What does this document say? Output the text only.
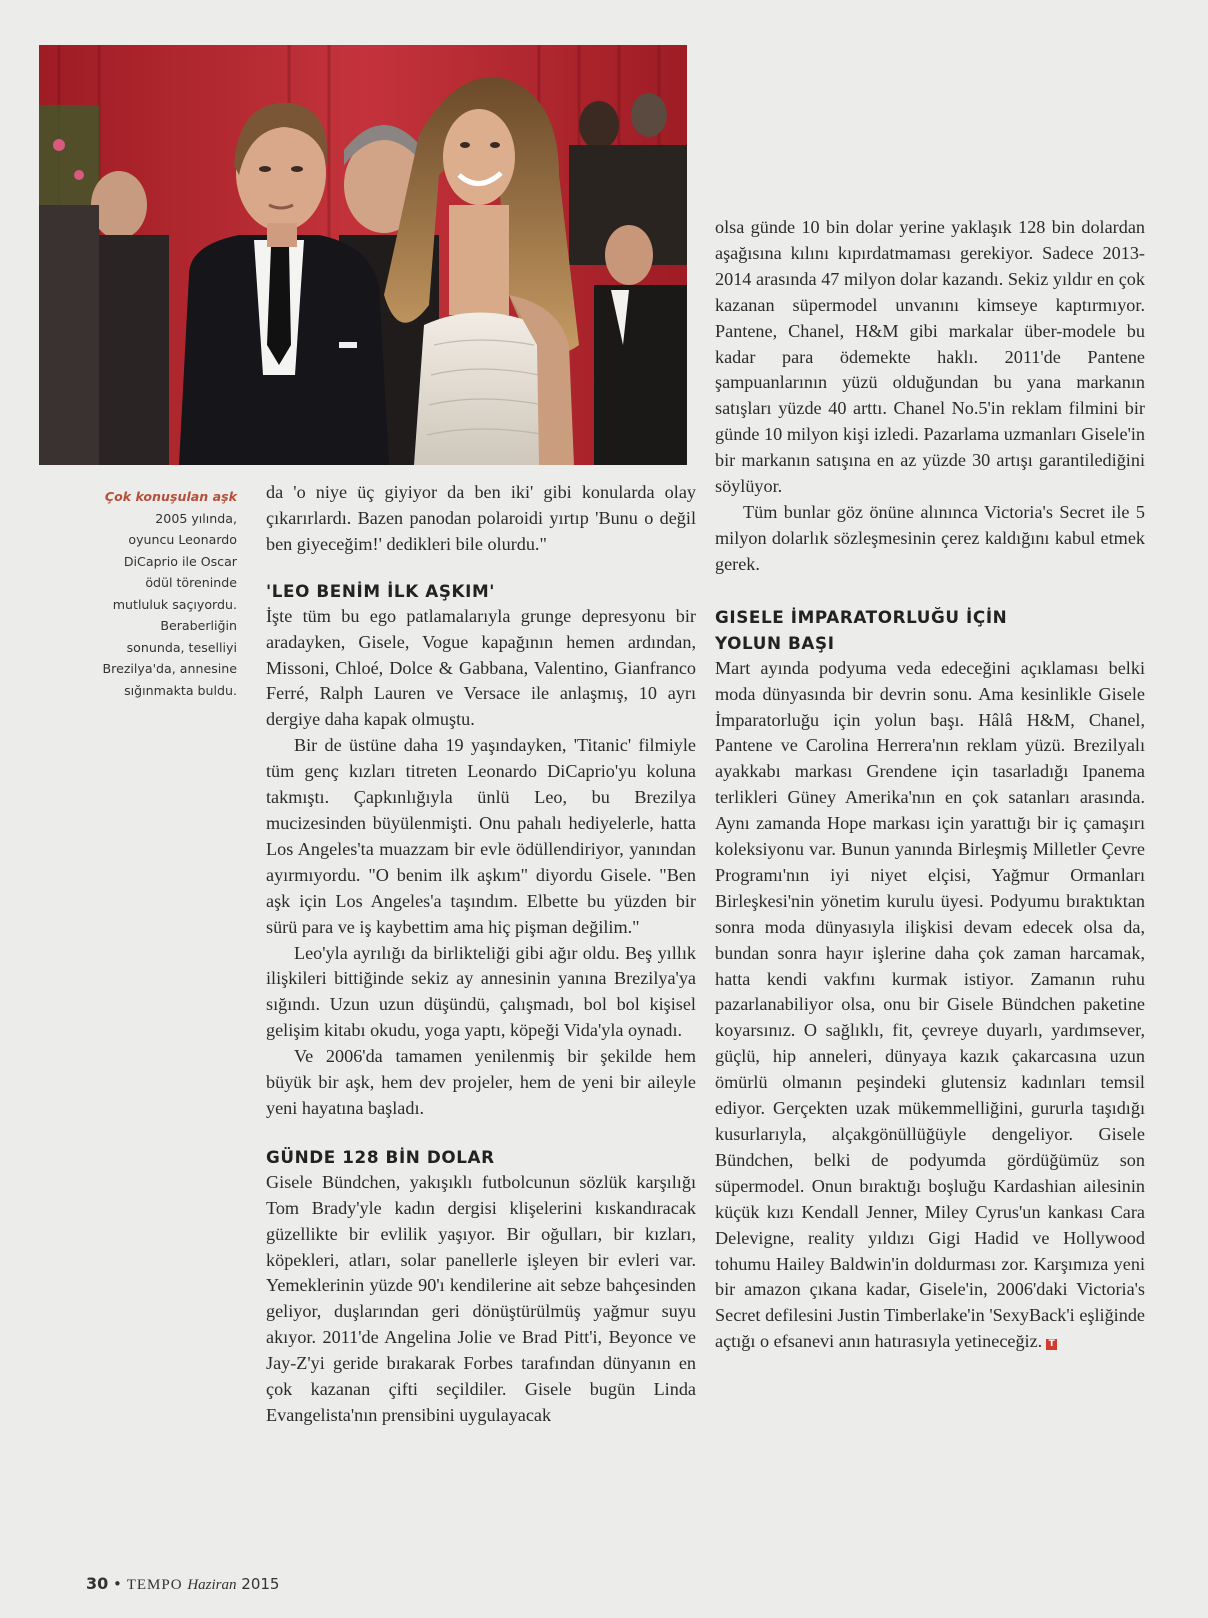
Çok konuşulan aşk
2005 yılında,
oyuncu Leonardo
DiCaprio ile Oscar
ödül töreninde
mutluluk saçıyordu.
Beraberliğin
sonunda, teselliyi
Brezilya'da, annesine
sığınmakta buldu.

da 'o niye üç giyiyor da ben iki' gibi konularda olay çıkarırlardı. Bazen panodan polaroidi yırtıp 'Bunu o değil ben giyeceğim!' dedikleri bile olurdu."

'LEO BENİM İLK AŞKIM'

İşte tüm bu ego patlamalarıyla grunge depresyonu bir aradayken, Gisele, Vogue kapağının hemen ardından, Missoni, Chloé, Dolce & Gabbana, Valentino, Gianfranco Ferré, Ralph Lauren ve Versace ile anlaşmış, 10 ayrı dergiye daha kapak olmuştu.

Bir de üstüne daha 19 yaşındayken, 'Titanic' filmiyle tüm genç kızları titreten Leonardo DiCaprio'yu koluna takmıştı. Çapkınlığıyla ünlü Leo, bu Brezilya mucizesinden büyülenmişti. Onu pahalı hediyelerle, hatta Los Angeles'ta muazzam bir evle ödüllendiriyor, yanından ayırmıyordu. "O benim ilk aşkım" diyordu Gisele. "Ben aşk için Los Angeles'a taşındım. Elbette bu yüzden bir sürü para ve iş kaybettim ama hiç pişman değilim."

Leo'yla ayrılığı da birlikteliği gibi ağır oldu. Beş yıllık ilişkileri bittiğinde sekiz ay annesinin yanına Brezilya'ya sığındı. Uzun uzun düşündü, çalışmadı, bol bol kişisel gelişim kitabı okudu, yoga yaptı, köpeği Vida'yla oynadı.

Ve 2006'da tamamen yenilenmiş bir şekilde hem büyük bir aşk, hem dev projeler, hem de yeni bir aileyle yeni hayatına başladı.

GÜNDE 128 BİN DOLAR

Gisele Bündchen, yakışıklı futbolcunun sözlük karşılığı Tom Brady'yle kadın dergisi klişelerini kıskandıracak güzellikte bir evlilik yaşıyor. Bir oğulları, bir kızları, köpekleri, atları, solar panellerle işleyen bir evleri var. Yemeklerinin yüzde 90'ı kendilerine ait sebze bahçesinden geliyor, duşlarından geri dönüştürülmüş yağmur suyu akıyor. 2011'de Angelina Jolie ve Brad Pitt'i, Beyonce ve Jay-Z'yi geride bırakarak Forbes tarafından dünyanın en çok kazanan çifti seçildiler. Gisele bugün Linda Evangelista'nın prensibini uygulayacak

olsa günde 10 bin dolar yerine yaklaşık 128 bin dolardan aşağısına kılını kıpırdatmaması gerekiyor. Sadece 2013-2014 arasında 47 milyon dolar kazandı. Sekiz yıldır en çok kazanan süpermodel unvanını kimseye kaptırmıyor. Pantene, Chanel, H&M gibi markalar über-modele bu kadar para ödemekte haklı. 2011'de Pantene şampuanlarının yüzü olduğundan bu yana markanın satışları yüzde 40 arttı. Chanel No.5'in reklam filmini bir günde 10 milyon kişi izledi. Pazarlama uzmanları Gisele'in bir markanın satışına en az yüzde 30 artışı garantilediğini söylüyor.

Tüm bunlar göz önüne alınınca Victoria's Secret ile 5 milyon dolarlık sözleşmesinin çerez kaldığını kabul etmek gerek.

GISELE İMPARATORLUĞU İÇİN

YOLUN BAŞI

Mart ayında podyuma veda edeceğini açıklaması belki moda dünyasında bir devrin sonu. Ama kesinlikle Gisele İmparatorluğu için yolun başı. Hâlâ H&M, Chanel, Pantene ve Carolina Herrera'nın reklam yüzü. Brezilyalı ayakkabı markası Grendene için tasarladığı Ipanema terlikleri Güney Amerika'nın en çok satanları arasında. Aynı zamanda Hope markası için yarattığı bir iç çamaşırı koleksiyonu var. Bunun yanında Birleşmiş Milletler Çevre Programı'nın iyi niyet elçisi, Yağmur Ormanları Birleşkesi'nin yönetim kurulu üyesi. Podyumu bıraktıktan sonra moda dünyasıyla ilişkisi devam edecek olsa da, bundan sonra hayır işlerine daha çok zaman harcamak, hatta kendi vakfını kurmak istiyor. Zamanın ruhu pazarlanabiliyor olsa, onu bir Gisele Bündchen paketine koyarsınız. O sağlıklı, fit, çevreye duyarlı, yardımsever, güçlü, hip anneleri, dünyaya kazık çakarcasına uzun ömürlü olmanın peşindeki glutensiz kadınları temsil ediyor. Gerçekten uzak mükemmelliğini, gururla taşıdığı kusurlarıyla, alçakgönüllüğüyle dengeliyor. Gisele Bündchen, belki de podyumda gördüğümüz son süpermodel. Onun bıraktığı boşluğu Kardashian ailesinin küçük kızı Kendall Jenner, Miley Cyrus'un kankası Cara Delevigne, reality yıldızı Gigi Hadid ve Hollywood tohumu Hailey Baldwin'in doldurması zor. Karşımıza yeni bir amazon çıkana kadar, Gisele'in, 2006'daki Victoria's Secret defilesini Justin Timberlake'in 'SexyBack'i eşliğinde açtığı o efsanevi anın hatırasıyla yetineceğiz. T

30 • TEMPO Haziran 2015
